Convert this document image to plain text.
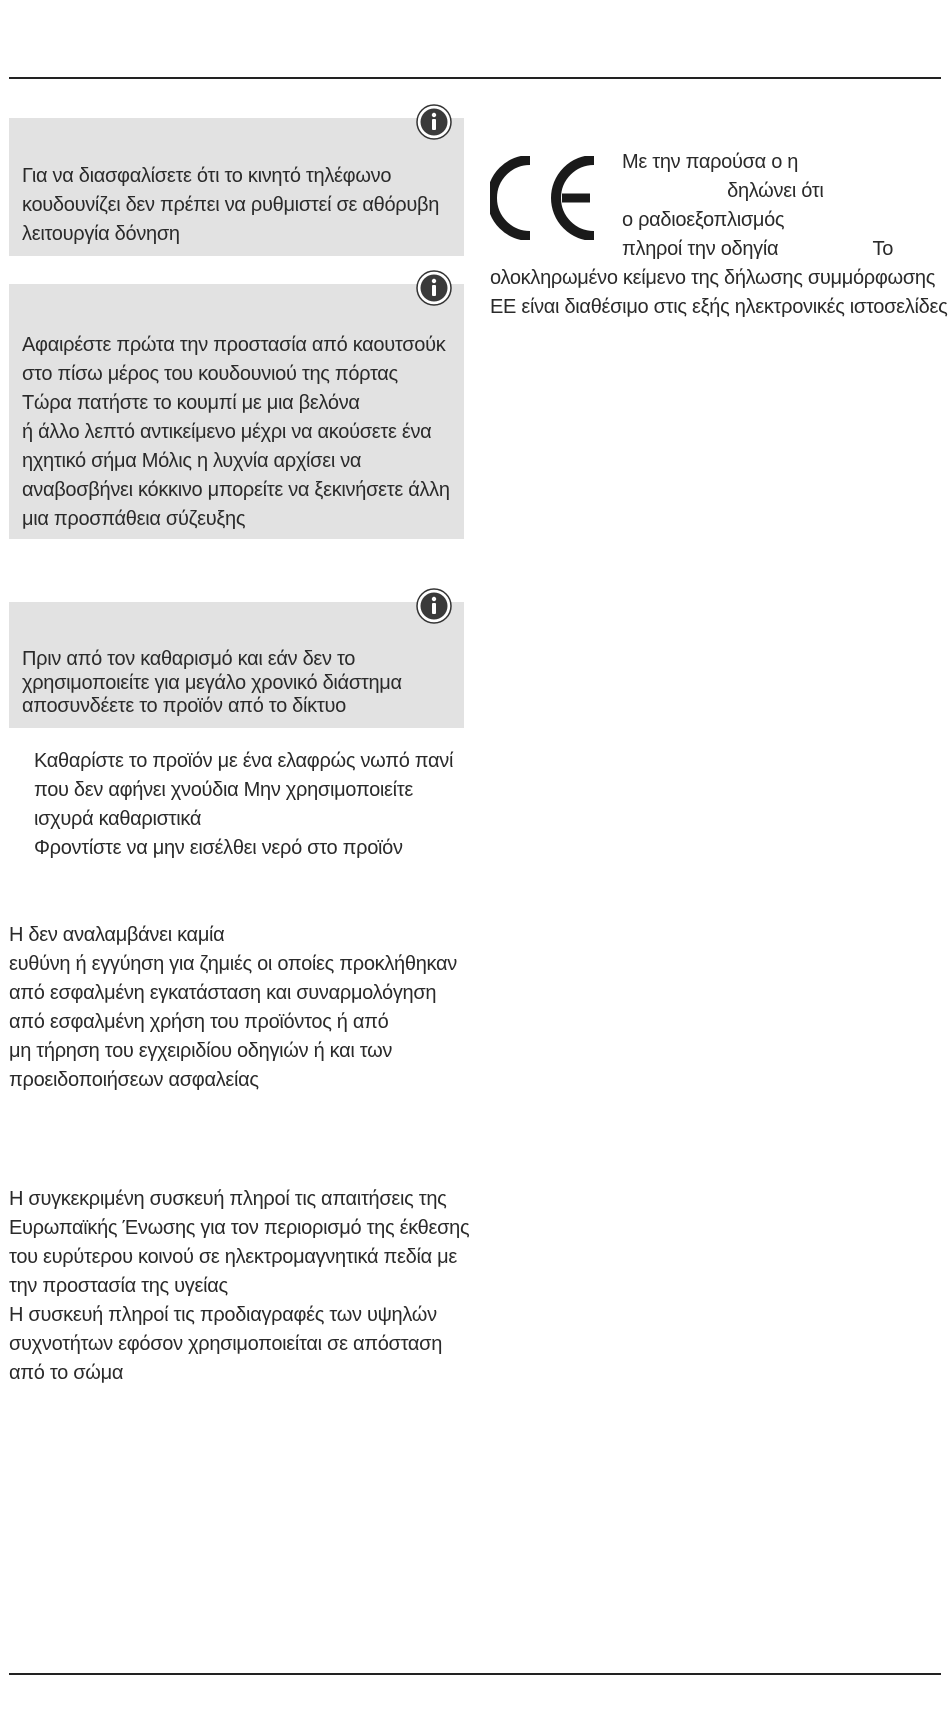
Για να διασφαλίσετε ότι το κινητό τηλέφωνο
κουδουνίζει δεν πρέπει να ρυθμιστεί σε αθόρυβη
λειτουργία δόνηση

Αφαιρέστε πρώτα την προστασία από καουτσούκ
στο πίσω μέρος του κουδουνιού της πόρτας
Τώρα πατήστε το κουμπί με μια βελόνα
ή άλλο λεπτό αντικείμενο μέχρι να ακούσετε ένα
ηχητικό σήμα Μόλις η λυχνία αρχίσει να
αναβοσβήνει κόκκινο μπορείτε να ξεκινήσετε άλλη
μια προσπάθεια σύζευξης

Πριν από τον καθαρισμό και εάν δεν το
χρησιμοποιείτε για μεγάλο χρονικό διάστημα
αποσυνδέετε το προϊόν από το δίκτυο

Καθαρίστε το προϊόν με ένα ελαφρώς νωπό πανί
που δεν αφήνει χνούδια Μην χρησιμοποιείτε
ισχυρά καθαριστικά
Φροντίστε να μην εισέλθει νερό στο προϊόν

Η δεν αναλαμβάνει καμία
ευθύνη ή εγγύηση για ζημιές οι οποίες προκλήθηκαν
από εσφαλμένη εγκατάσταση και συναρμολόγηση
από εσφαλμένη χρήση του προϊόντος ή από
μη τήρηση του εγχειριδίου οδηγιών ή και των
προειδοποιήσεων ασφαλείας

Η συγκεκριμένη συσκευή πληροί τις απαιτήσεις της
Ευρωπαϊκής Ένωσης για τον περιορισμό της έκθεσης
του ευρύτερου κοινού σε ηλεκτρομαγνητικά πεδία με
την προστασία της υγείας
Η συσκευή πληροί τις προδιαγραφές των υψηλών
συχνοτήτων εφόσον χρησιμοποιείται σε απόσταση
από το σώμα

Με την παρούσα ο η
δηλώνει ότι
ο ραδιοεξοπλισμός
πληροί την οδηγία                  Το

ολοκληρωμένο κείμενο της δήλωσης συμμόρφωσης
ΕΕ είναι διαθέσιμο στις εξής ηλεκτρονικές ιστοσελίδες
